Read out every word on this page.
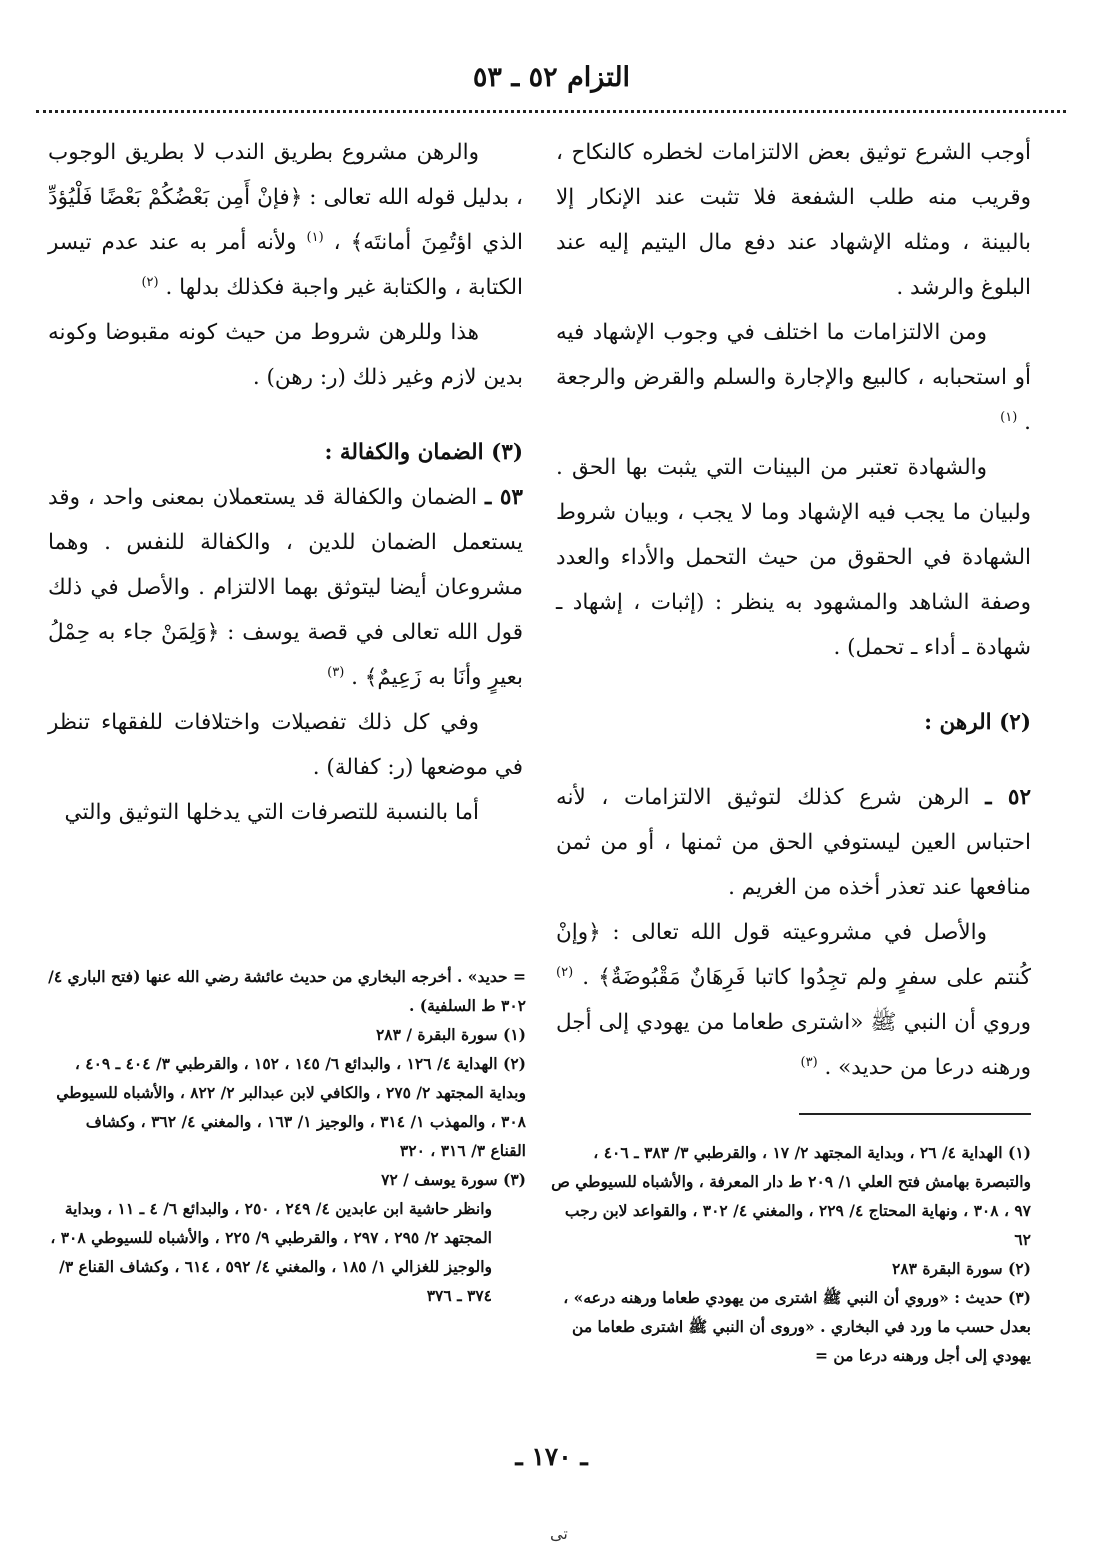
التزام ٥٢ ـ ٥٣

أوجب الشرع توثيق بعض الالتزامات لخطره كالنكاح ، وقريب منه طلب الشفعة فلا تثبت عند الإنكار إلا بالبينة ، ومثله الإشهاد عند دفع مال اليتيم إليه عند البلوغ والرشد .

ومن الالتزامات ما اختلف في وجوب الإشهاد فيه أو استحبابه ، كالبيع والإجارة والسلم والقرض والرجعة . $^{(١)}$

والشهادة تعتبر من البينات التي يثبت بها الحق . ولبيان ما يجب فيه الإشهاد وما لا يجب ، وبيان شروط الشهادة في الحقوق من حيث التحمل والأداء والعدد وصفة الشاهد والمشهود به ينظر : (إثبات ، إشهاد ـ شهادة ـ أداء ـ تحمل) .

(٢) الرهن :

٥٢ ـ الرهن شرع كذلك لتوثيق الالتزامات ، لأنه احتباس العين ليستوفي الحق من ثمنها ، أو من ثمن منافعها عند تعذر أخذه من الغريم .

والأصل في مشروعيته قول الله تعالى : ﴿وإنْ كُنتم على سفرٍ ولم تجِدُوا كاتبا فَرِهَانٌ مَقْبُوضَةٌ﴾ . $^{(٢)}$ وروي أن النبي ﷺ «اشترى طعاما من يهودي إلى أجل ورهنه درعا من حديد» . $^{(٣)}$

والرهن مشروع بطريق الندب لا بطريق الوجوب ، بدليل قوله الله تعالى : ﴿فإنْ أَمِن بَعْضُكُمْ بَعْضًا فَلْيُؤدِّ الذي اؤتُمِنَ أمانتَه﴾ ، $^{(١)}$ ولأنه أمر به عند عدم تيسر الكتابة ، والكتابة غير واجبة فكذلك بدلها . $^{(٢)}$

هذا وللرهن شروط من حيث كونه مقبوضا وكونه بدين لازم وغير ذلك (ر: رهن) .

(٣) الضمان والكفالة :

٥٣ ـ الضمان والكفالة قد يستعملان بمعنى واحد ، وقد يستعمل الضمان للدين ، والكفالة للنفس . وهما مشروعان أيضا ليتوثق بهما الالتزام . والأصل في ذلك قول الله تعالى في قصة يوسف : ﴿وَلِمَنْ جاء به حِمْلُ بعيرٍ وأنَا به زَعِيمٌ﴾ . $^{(٣)}$

وفي كل ذلك تفصيلات واختلافات للفقهاء تنظر في موضعها (ر: كفالة) .

أما بالنسبة للتصرفات التي يدخلها التوثيق والتي

(١) الهداية ٤/ ٢٦ ، وبداية المجتهد ٢/ ١٧ ، والقرطبي ٣/ ٣٨٣ ـ ٤٠٦ ، والتبصرة بهامش فتح العلي ١/ ٢٠٩ ط دار المعرفة ، والأشباه للسيوطي ص ٩٧ ، ٣٠٨ ، ونهاية المحتاج ٤/ ٢٢٩ ، والمغني ٤/ ٣٠٢ ، والقواعد لابن رجب ٦٢

(٢) سورة البقرة ٢٨٣

(٣) حديث : «وروي أن النبي ﷺ اشترى من يهودي طعاما ورهنه درعه» ، بعدل حسب ما ورد في البخاري . «وروى أن النبي ﷺ اشترى طعاما من يهودي إلى أجل ورهنه درعا من =

= حديد» . أخرجه البخاري من حديث عائشة رضي الله عنها (فتح الباري ٤/ ٣٠٢ ط السلفية) .

(١) سورة البقرة / ٢٨٣

(٢) الهداية ٤/ ١٢٦ ، والبدائع ٦/ ١٤٥ ، ١٥٢ ، والقرطبي ٣/ ٤٠٤ ـ ٤٠٩ ، وبداية المجتهد ٢/ ٢٧٥ ، والكافي لابن عبدالبر ٢/ ٨٢٢ ، والأشباه للسيوطي ٣٠٨ ، والمهذب ١/ ٣١٤ ، والوجيز ١/ ١٦٣ ، والمغني ٤/ ٣٦٢ ، وكشاف القناع ٣/ ٣١٦ ، ٣٢٠

(٣) سورة يوسف / ٧٢

وانظر حاشية ابن عابدين ٤/ ٢٤٩ ، ٢٥٠ ، والبدائع ٦/ ٤ ـ ١١ ، وبداية المجتهد ٢/ ٢٩٥ ، ٢٩٧ ، والقرطبي ٩/ ٢٢٥ ، والأشباه للسيوطي ٣٠٨ ، والوجيز للغزالي ١/ ١٨٥ ، والمغني ٤/ ٥٩٢ ، ٦١٤ ، وكشاف القناع ٣/ ٣٧٤ ـ ٣٧٦

ـ ١٧٠ ـ
ﺗﯽ
